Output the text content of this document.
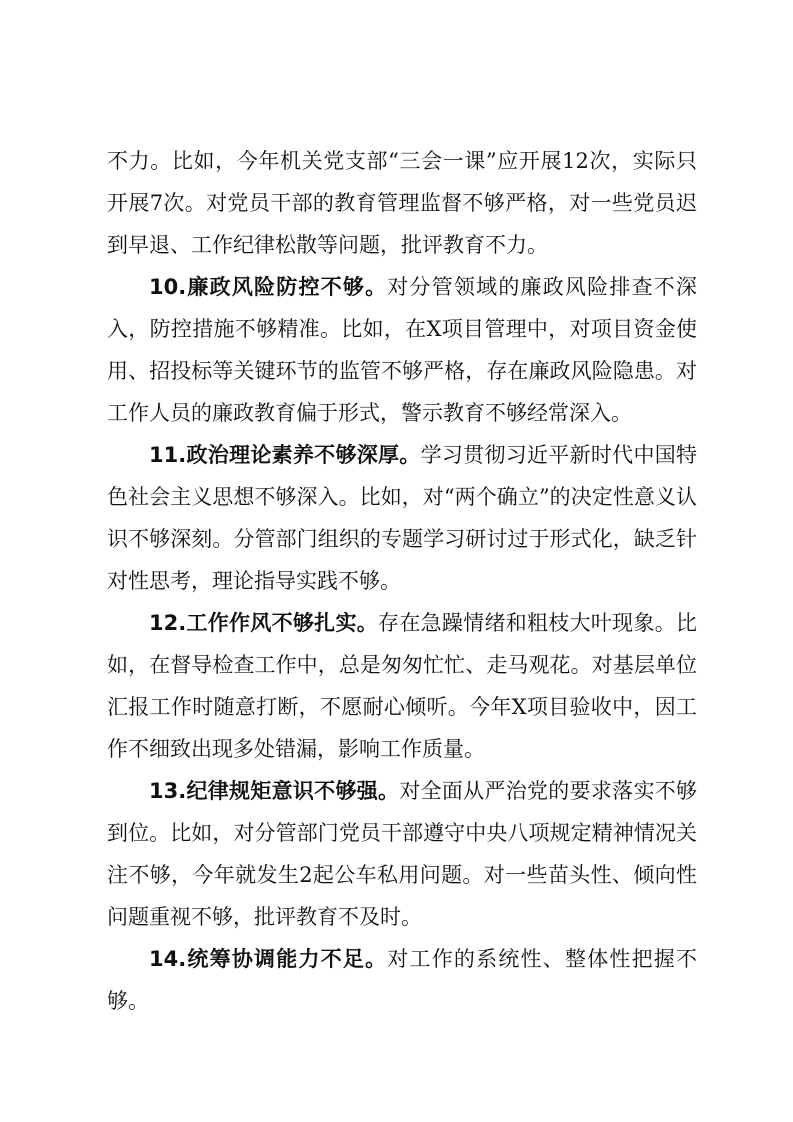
不力。比如，今年机关党支部“三会一课”应开展12次，实际只开展7次。对党员干部的教育管理监督不够严格，对一些党员迟到早退、工作纪律松散等问题，批评教育不力。

10.廉政风险防控不够。对分管领域的廉政风险排查不深入，防控措施不够精准。比如，在X项目管理中，对项目资金使用、招投标等关键环节的监管不够严格，存在廉政风险隐患。对工作人员的廉政教育偏于形式，警示教育不够经常深入。

11.政治理论素养不够深厚。学习贯彻习近平新时代中国特色社会主义思想不够深入。比如，对“两个确立”的决定性意义认识不够深刻。分管部门组织的专题学习研讨过于形式化，缺乏针对性思考，理论指导实践不够。

12.工作作风不够扎实。存在急躁情绪和粗枝大叶现象。比如，在督导检查工作中，总是匆匆忙忙、走马观花。对基层单位汇报工作时随意打断，不愿耐心倾听。今年X项目验收中，因工作不细致出现多处错漏，影响工作质量。

13.纪律规矩意识不够强。对全面从严治党的要求落实不够到位。比如，对分管部门党员干部遵守中央八项规定精神情况关注不够，今年就发生2起公车私用问题。对一些苗头性、倾向性问题重视不够，批评教育不及时。

14.统筹协调能力不足。对工作的系统性、整体性把握不够。
